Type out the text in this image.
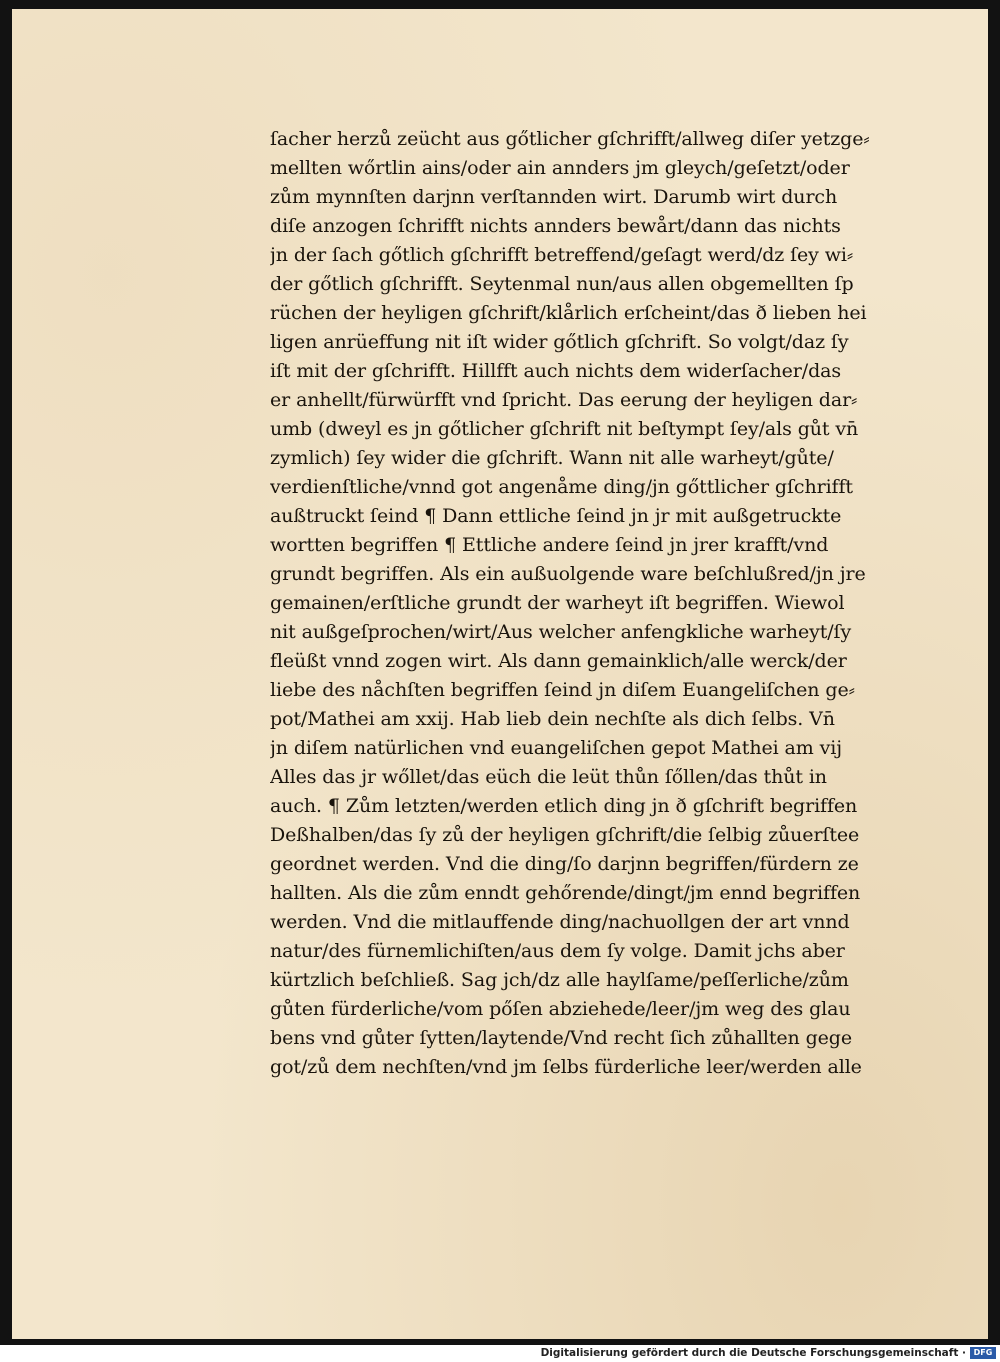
ſacher herzů zeücht aus gőtlicher gſchrifft/allweg diſer yetzge⸗
mellten wőrtlin ains/oder ain annders jm gleych/geſetzt/oder
zům mynnſten darjnn verſtannden wirt. Darumb wirt durch
diſe anzogen ſchrifft nichts annders bewårt/dann das nichts
jn der ſach gőtlich gſchrifft betreffend/geſagt werd/dz ſey wi⸗
der gőtlich gſchrifft. Seytenmal nun/aus allen obgemellten ſp
rüchen der heyligen gſchrift/klårlich erſcheint/das ð lieben hei
ligen anrüeffung nit iſt wider gőtlich gſchrift. So volgt/daz ſy
iſt mit der gſchrifft. Hillfft auch nichts dem widerſacher/das
er anhellt/fürwürfft vnd ſpricht. Das eerung der heyligen dar⸗
umb (dweyl es jn gőtlicher gſchrift nit beſtympt ſey/als gůt vn̄
zymlich) ſey wider die gſchrift. Wann nit alle warheyt/gůte/
verdienſtliche/vnnd got angenåme ding/jn gőttlicher gſchrifft
außtruckt ſeind ¶ Dann ettliche ſeind jn jr mit außgetruckte
wortten begriffen ¶ Ettliche andere ſeind jn jrer krafft/vnd
grundt begriffen. Als ein außuolgende ware beſchlußred/jn jre
gemainen/erſtliche grundt der warheyt iſt begriffen. Wiewol
nit außgeſprochen/wirt/Aus welcher anfengkliche warheyt/ſy
fleüßt vnnd zogen wirt. Als dann gemainklich/alle werck/der
liebe des nåchſten begriffen ſeind jn diſem Euangeliſchen ge⸗
pot/Mathei am xxij. Hab lieb dein nechſte als dich ſelbs. Vn̄
jn diſem natürlichen vnd euangeliſchen gepot Mathei am vij
Alles das jr wőllet/das eüch die leüt thůn ſőllen/das thůt in
auch. ¶ Zům letzten/werden etlich ding jn ð gſchrift begriffen
Deßhalben/das ſy zů der heyligen gſchrift/die ſelbig zůuerſtee
geordnet werden. Vnd die ding/ſo darjnn begriffen/fürdern ze
hallten. Als die zům enndt gehőrende/dingt/jm ennd begriffen
werden. Vnd die mitlauffende ding/nachuollgen der art vnnd
natur/des fürnemlichiſten/aus dem ſy volge. Damit jchs aber
kürtzlich beſchließ. Sag jch/dz alle haylſame/peſſerliche/zům
gůten fürderliche/vom pőſen abziehede/leer/jm weg des glau
bens vnd gůter ſytten/laytende/Vnd recht ſich zůhallten gege
got/zů dem nechſten/vnd jm ſelbs fürderliche leer/werden alle
Digitalisierung gefördert durch die Deutsche Forschungsgemeinschaft · DFG
